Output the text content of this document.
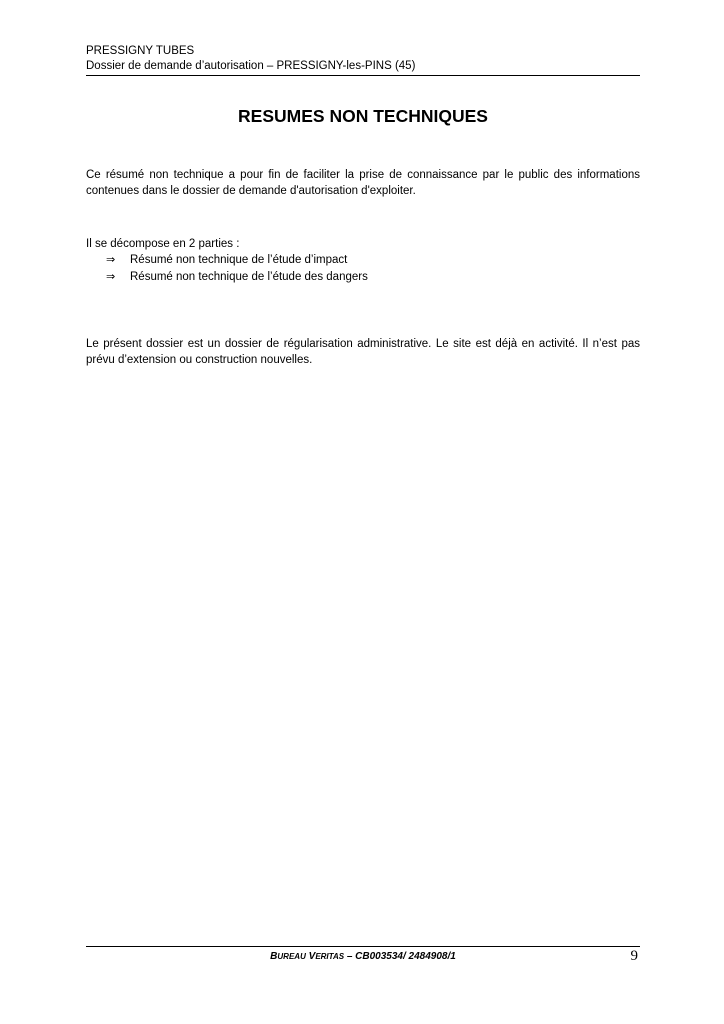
PRESSIGNY TUBES
Dossier de demande d’autorisation – PRESSIGNY-les-PINS (45)
RESUMES NON TECHNIQUES

Ce résumé non technique a pour fin de faciliter la prise de connaissance par le public des informations contenues dans le dossier de demande d'autorisation d'exploiter.

Il se décompose en 2 parties :

⇒	Résumé non technique de l’étude d’impact
⇒	Résumé non technique de l’étude des dangers

Le présent dossier est un dossier de régularisation administrative. Le site est déjà en activité. Il n’est pas prévu d’extension ou construction nouvelles.

BUREAU VERITAS – CB003534/ 2484908/1	9
